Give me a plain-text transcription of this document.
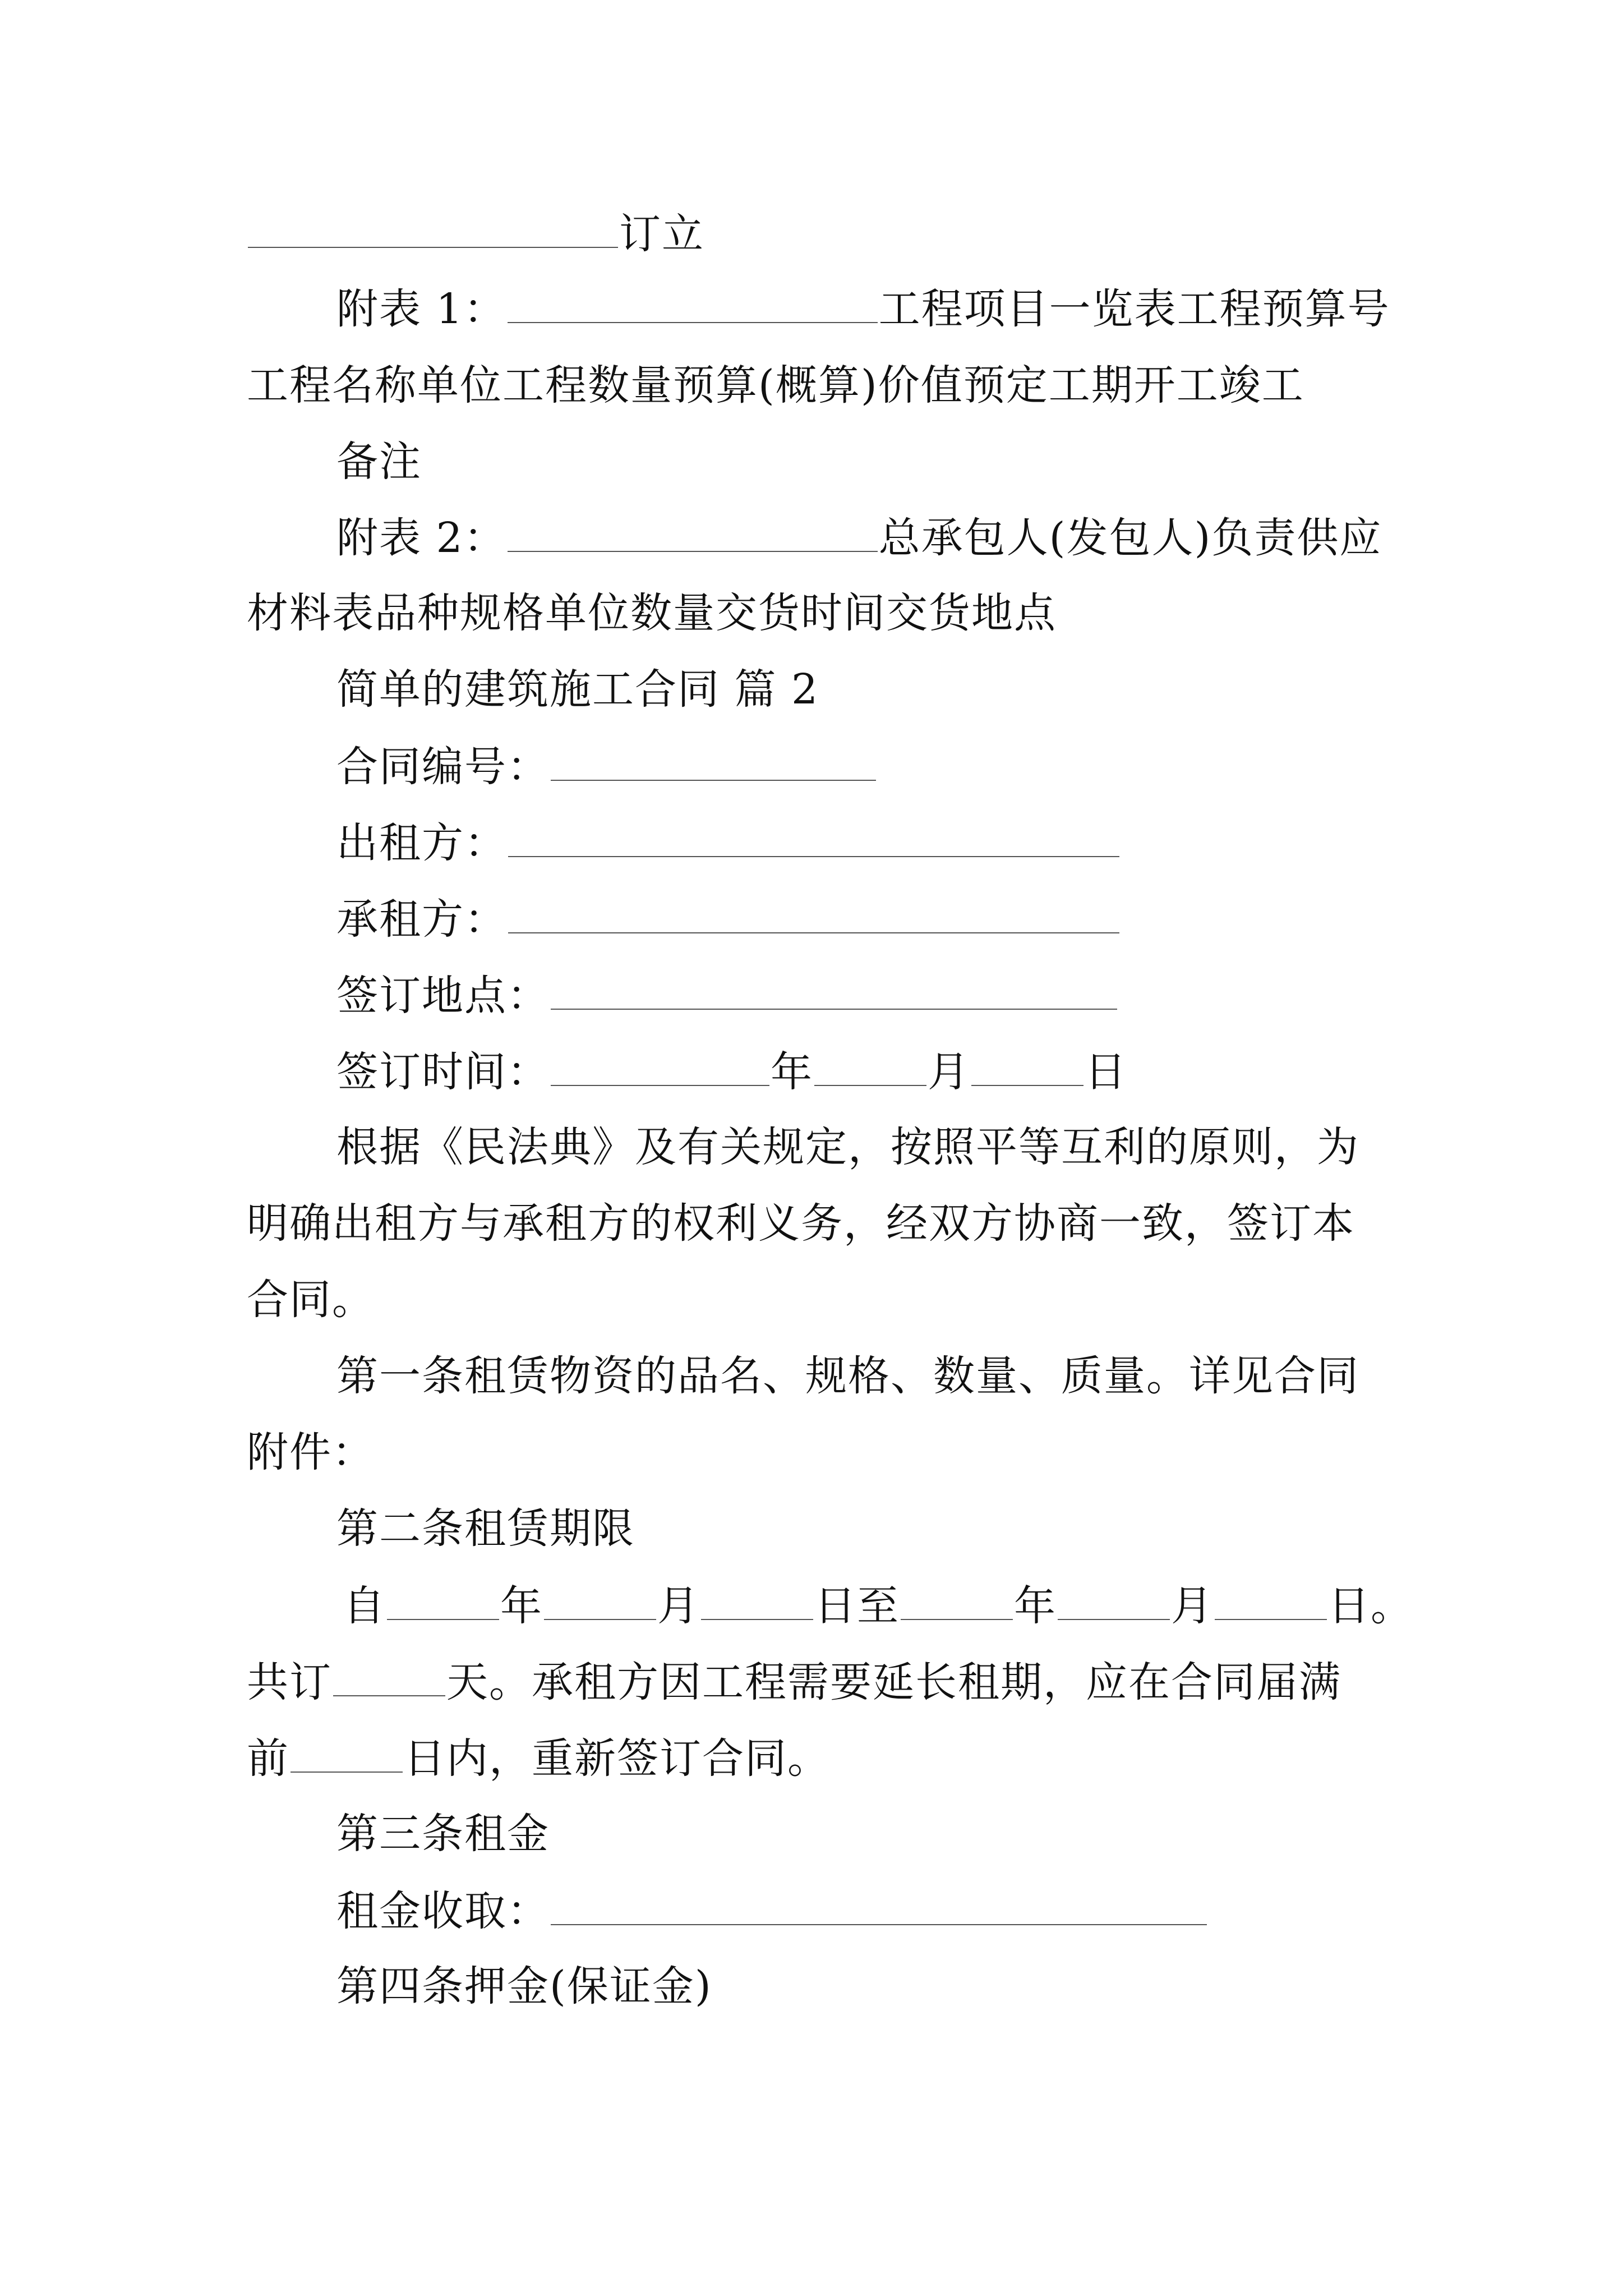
订立
附表 1：	工程项目一览表工程预算号
工程名称单位工程数量预算(概算)价值预定工期开工竣工
备注
附表 2：	总承包人(发包人)负责供应
材料表品种规格单位数量交货时间交货地点
简单的建筑施工合同 篇 2
合同编号：
出租方：
承租方：
签订地点：
签订时间：	年	月	日
根据《民法典》及有关规定，按照平等互利的原则，为
明确出租方与承租方的权利义务，经双方协商一致，签订本
合同。
第一条租赁物资的品名、规格、数量、质量。详见合同
附件：
第二条租赁期限
自	年	月	日至	年	月	日。
共订	天。承租方因工程需要延长租期，应在合同届满
前	日内，重新签订合同。
第三条租金
租金收取：
第四条押金(保证金)
